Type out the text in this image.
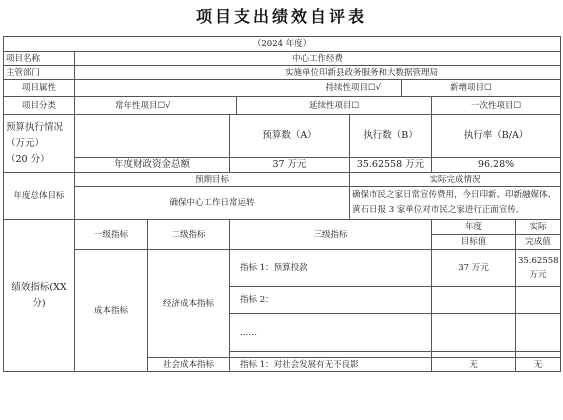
项目支出绩效自评表
（2024 年度）								
项目名称	中心工作经费							
主管部门	实施单位印新县政务服务和大数据管理局							
项目属性	持续性项目☐√					新增项目☐		
项目分类	常年性项目☐√			延续性项目☐			一次性项目☐	
预算执行情况（万元）
（20 分）			预算数（A）		执行数（B）		执行率（B/A）	
	年度财政资金总额		37 万元		35.62558 万元		96.28%	
年度总体目标	预期目标				实际完成情况			
	确保中心工作日常运转				确保市民之家日常宣传费用，今日印新、印新融媒体、黄石日报 3 家单位对市民之家进行正面宣传。			
绩效指标(XX 分)	一级指标	二级指标	三级指标				年度	实际
							目标值	完成值
	成本指标	经济成本指标	指标 1：预算投款				37 万元	35.62558 万元
			指标 2：					
			……					

		社会成本指标	指标 1：对社会发展有无不良影				无	无
